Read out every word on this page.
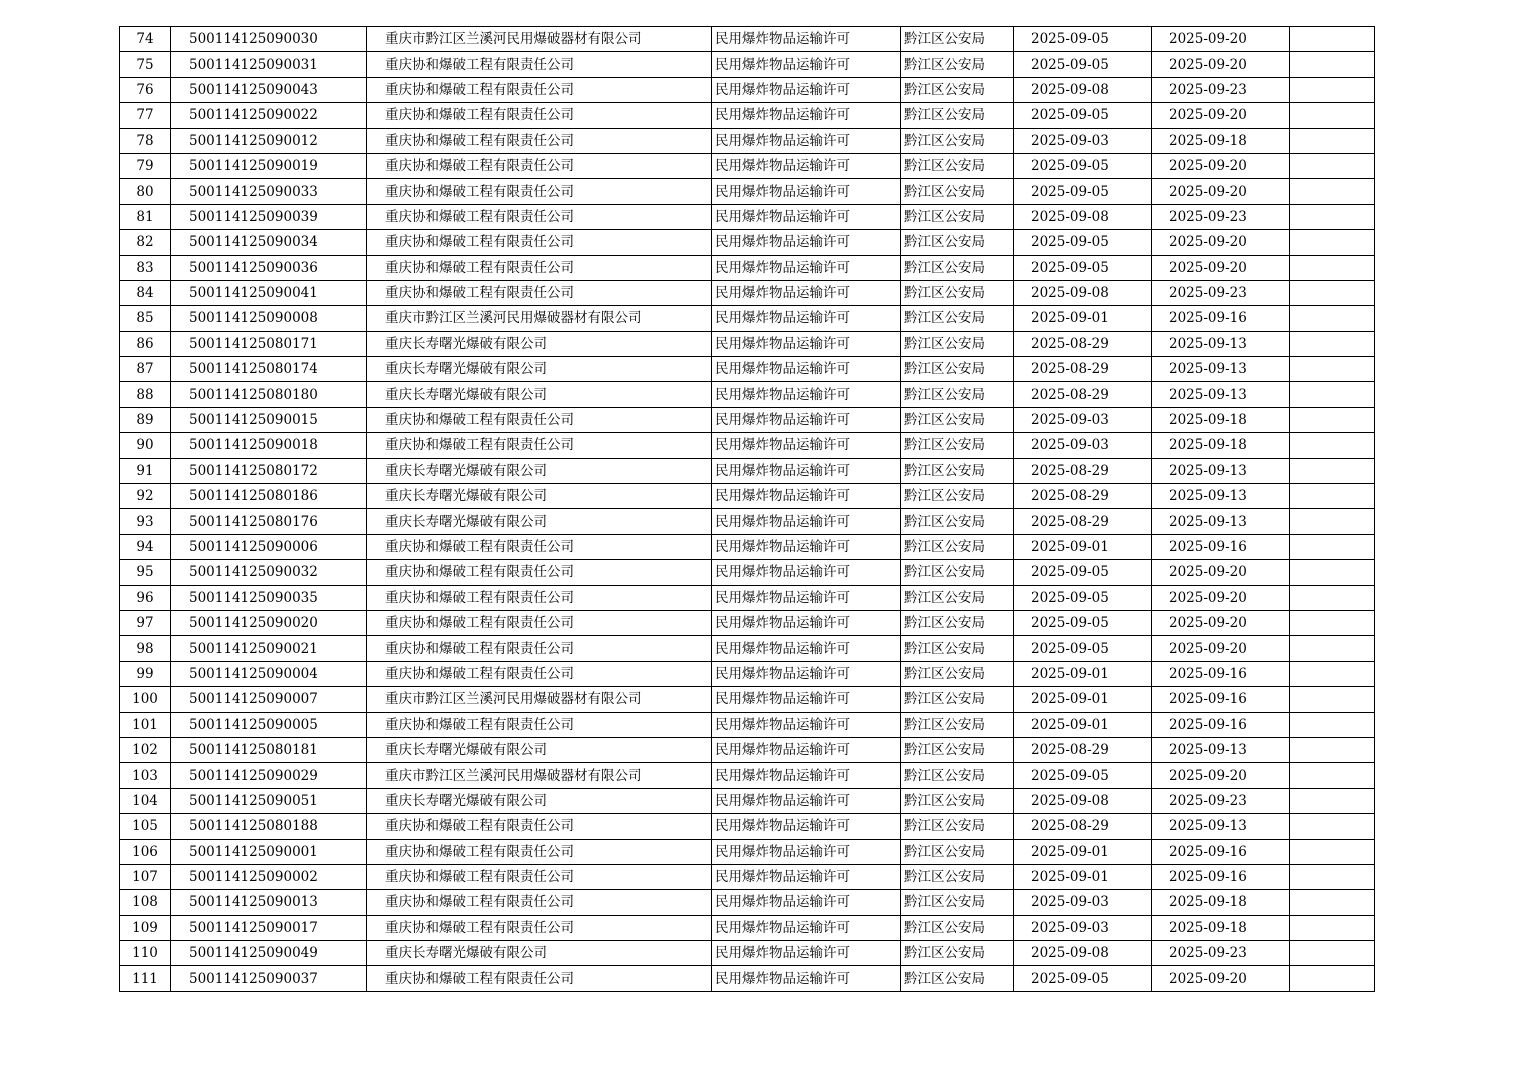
74	500114125090030	重庆市黔江区兰溪河民用爆破器材有限公司	民用爆炸物品运输许可	黔江区公安局	2025-09-05	2025-09-20	
75	500114125090031	重庆协和爆破工程有限责任公司	民用爆炸物品运输许可	黔江区公安局	2025-09-05	2025-09-20	
76	500114125090043	重庆协和爆破工程有限责任公司	民用爆炸物品运输许可	黔江区公安局	2025-09-08	2025-09-23	
77	500114125090022	重庆协和爆破工程有限责任公司	民用爆炸物品运输许可	黔江区公安局	2025-09-05	2025-09-20	
78	500114125090012	重庆协和爆破工程有限责任公司	民用爆炸物品运输许可	黔江区公安局	2025-09-03	2025-09-18	
79	500114125090019	重庆协和爆破工程有限责任公司	民用爆炸物品运输许可	黔江区公安局	2025-09-05	2025-09-20	
80	500114125090033	重庆协和爆破工程有限责任公司	民用爆炸物品运输许可	黔江区公安局	2025-09-05	2025-09-20	
81	500114125090039	重庆协和爆破工程有限责任公司	民用爆炸物品运输许可	黔江区公安局	2025-09-08	2025-09-23	
82	500114125090034	重庆协和爆破工程有限责任公司	民用爆炸物品运输许可	黔江区公安局	2025-09-05	2025-09-20	
83	500114125090036	重庆协和爆破工程有限责任公司	民用爆炸物品运输许可	黔江区公安局	2025-09-05	2025-09-20	
84	500114125090041	重庆协和爆破工程有限责任公司	民用爆炸物品运输许可	黔江区公安局	2025-09-08	2025-09-23	
85	500114125090008	重庆市黔江区兰溪河民用爆破器材有限公司	民用爆炸物品运输许可	黔江区公安局	2025-09-01	2025-09-16	
86	500114125080171	重庆长寿曙光爆破有限公司	民用爆炸物品运输许可	黔江区公安局	2025-08-29	2025-09-13	
87	500114125080174	重庆长寿曙光爆破有限公司	民用爆炸物品运输许可	黔江区公安局	2025-08-29	2025-09-13	
88	500114125080180	重庆长寿曙光爆破有限公司	民用爆炸物品运输许可	黔江区公安局	2025-08-29	2025-09-13	
89	500114125090015	重庆协和爆破工程有限责任公司	民用爆炸物品运输许可	黔江区公安局	2025-09-03	2025-09-18	
90	500114125090018	重庆协和爆破工程有限责任公司	民用爆炸物品运输许可	黔江区公安局	2025-09-03	2025-09-18	
91	500114125080172	重庆长寿曙光爆破有限公司	民用爆炸物品运输许可	黔江区公安局	2025-08-29	2025-09-13	
92	500114125080186	重庆长寿曙光爆破有限公司	民用爆炸物品运输许可	黔江区公安局	2025-08-29	2025-09-13	
93	500114125080176	重庆长寿曙光爆破有限公司	民用爆炸物品运输许可	黔江区公安局	2025-08-29	2025-09-13	
94	500114125090006	重庆协和爆破工程有限责任公司	民用爆炸物品运输许可	黔江区公安局	2025-09-01	2025-09-16	
95	500114125090032	重庆协和爆破工程有限责任公司	民用爆炸物品运输许可	黔江区公安局	2025-09-05	2025-09-20	
96	500114125090035	重庆协和爆破工程有限责任公司	民用爆炸物品运输许可	黔江区公安局	2025-09-05	2025-09-20	
97	500114125090020	重庆协和爆破工程有限责任公司	民用爆炸物品运输许可	黔江区公安局	2025-09-05	2025-09-20	
98	500114125090021	重庆协和爆破工程有限责任公司	民用爆炸物品运输许可	黔江区公安局	2025-09-05	2025-09-20	
99	500114125090004	重庆协和爆破工程有限责任公司	民用爆炸物品运输许可	黔江区公安局	2025-09-01	2025-09-16	
100	500114125090007	重庆市黔江区兰溪河民用爆破器材有限公司	民用爆炸物品运输许可	黔江区公安局	2025-09-01	2025-09-16	
101	500114125090005	重庆协和爆破工程有限责任公司	民用爆炸物品运输许可	黔江区公安局	2025-09-01	2025-09-16	
102	500114125080181	重庆长寿曙光爆破有限公司	民用爆炸物品运输许可	黔江区公安局	2025-08-29	2025-09-13	
103	500114125090029	重庆市黔江区兰溪河民用爆破器材有限公司	民用爆炸物品运输许可	黔江区公安局	2025-09-05	2025-09-20	
104	500114125090051	重庆长寿曙光爆破有限公司	民用爆炸物品运输许可	黔江区公安局	2025-09-08	2025-09-23	
105	500114125080188	重庆协和爆破工程有限责任公司	民用爆炸物品运输许可	黔江区公安局	2025-08-29	2025-09-13	
106	500114125090001	重庆协和爆破工程有限责任公司	民用爆炸物品运输许可	黔江区公安局	2025-09-01	2025-09-16	
107	500114125090002	重庆协和爆破工程有限责任公司	民用爆炸物品运输许可	黔江区公安局	2025-09-01	2025-09-16	
108	500114125090013	重庆协和爆破工程有限责任公司	民用爆炸物品运输许可	黔江区公安局	2025-09-03	2025-09-18	
109	500114125090017	重庆协和爆破工程有限责任公司	民用爆炸物品运输许可	黔江区公安局	2025-09-03	2025-09-18	
110	500114125090049	重庆长寿曙光爆破有限公司	民用爆炸物品运输许可	黔江区公安局	2025-09-08	2025-09-23	
111	500114125090037	重庆协和爆破工程有限责任公司	民用爆炸物品运输许可	黔江区公安局	2025-09-05	2025-09-20	
